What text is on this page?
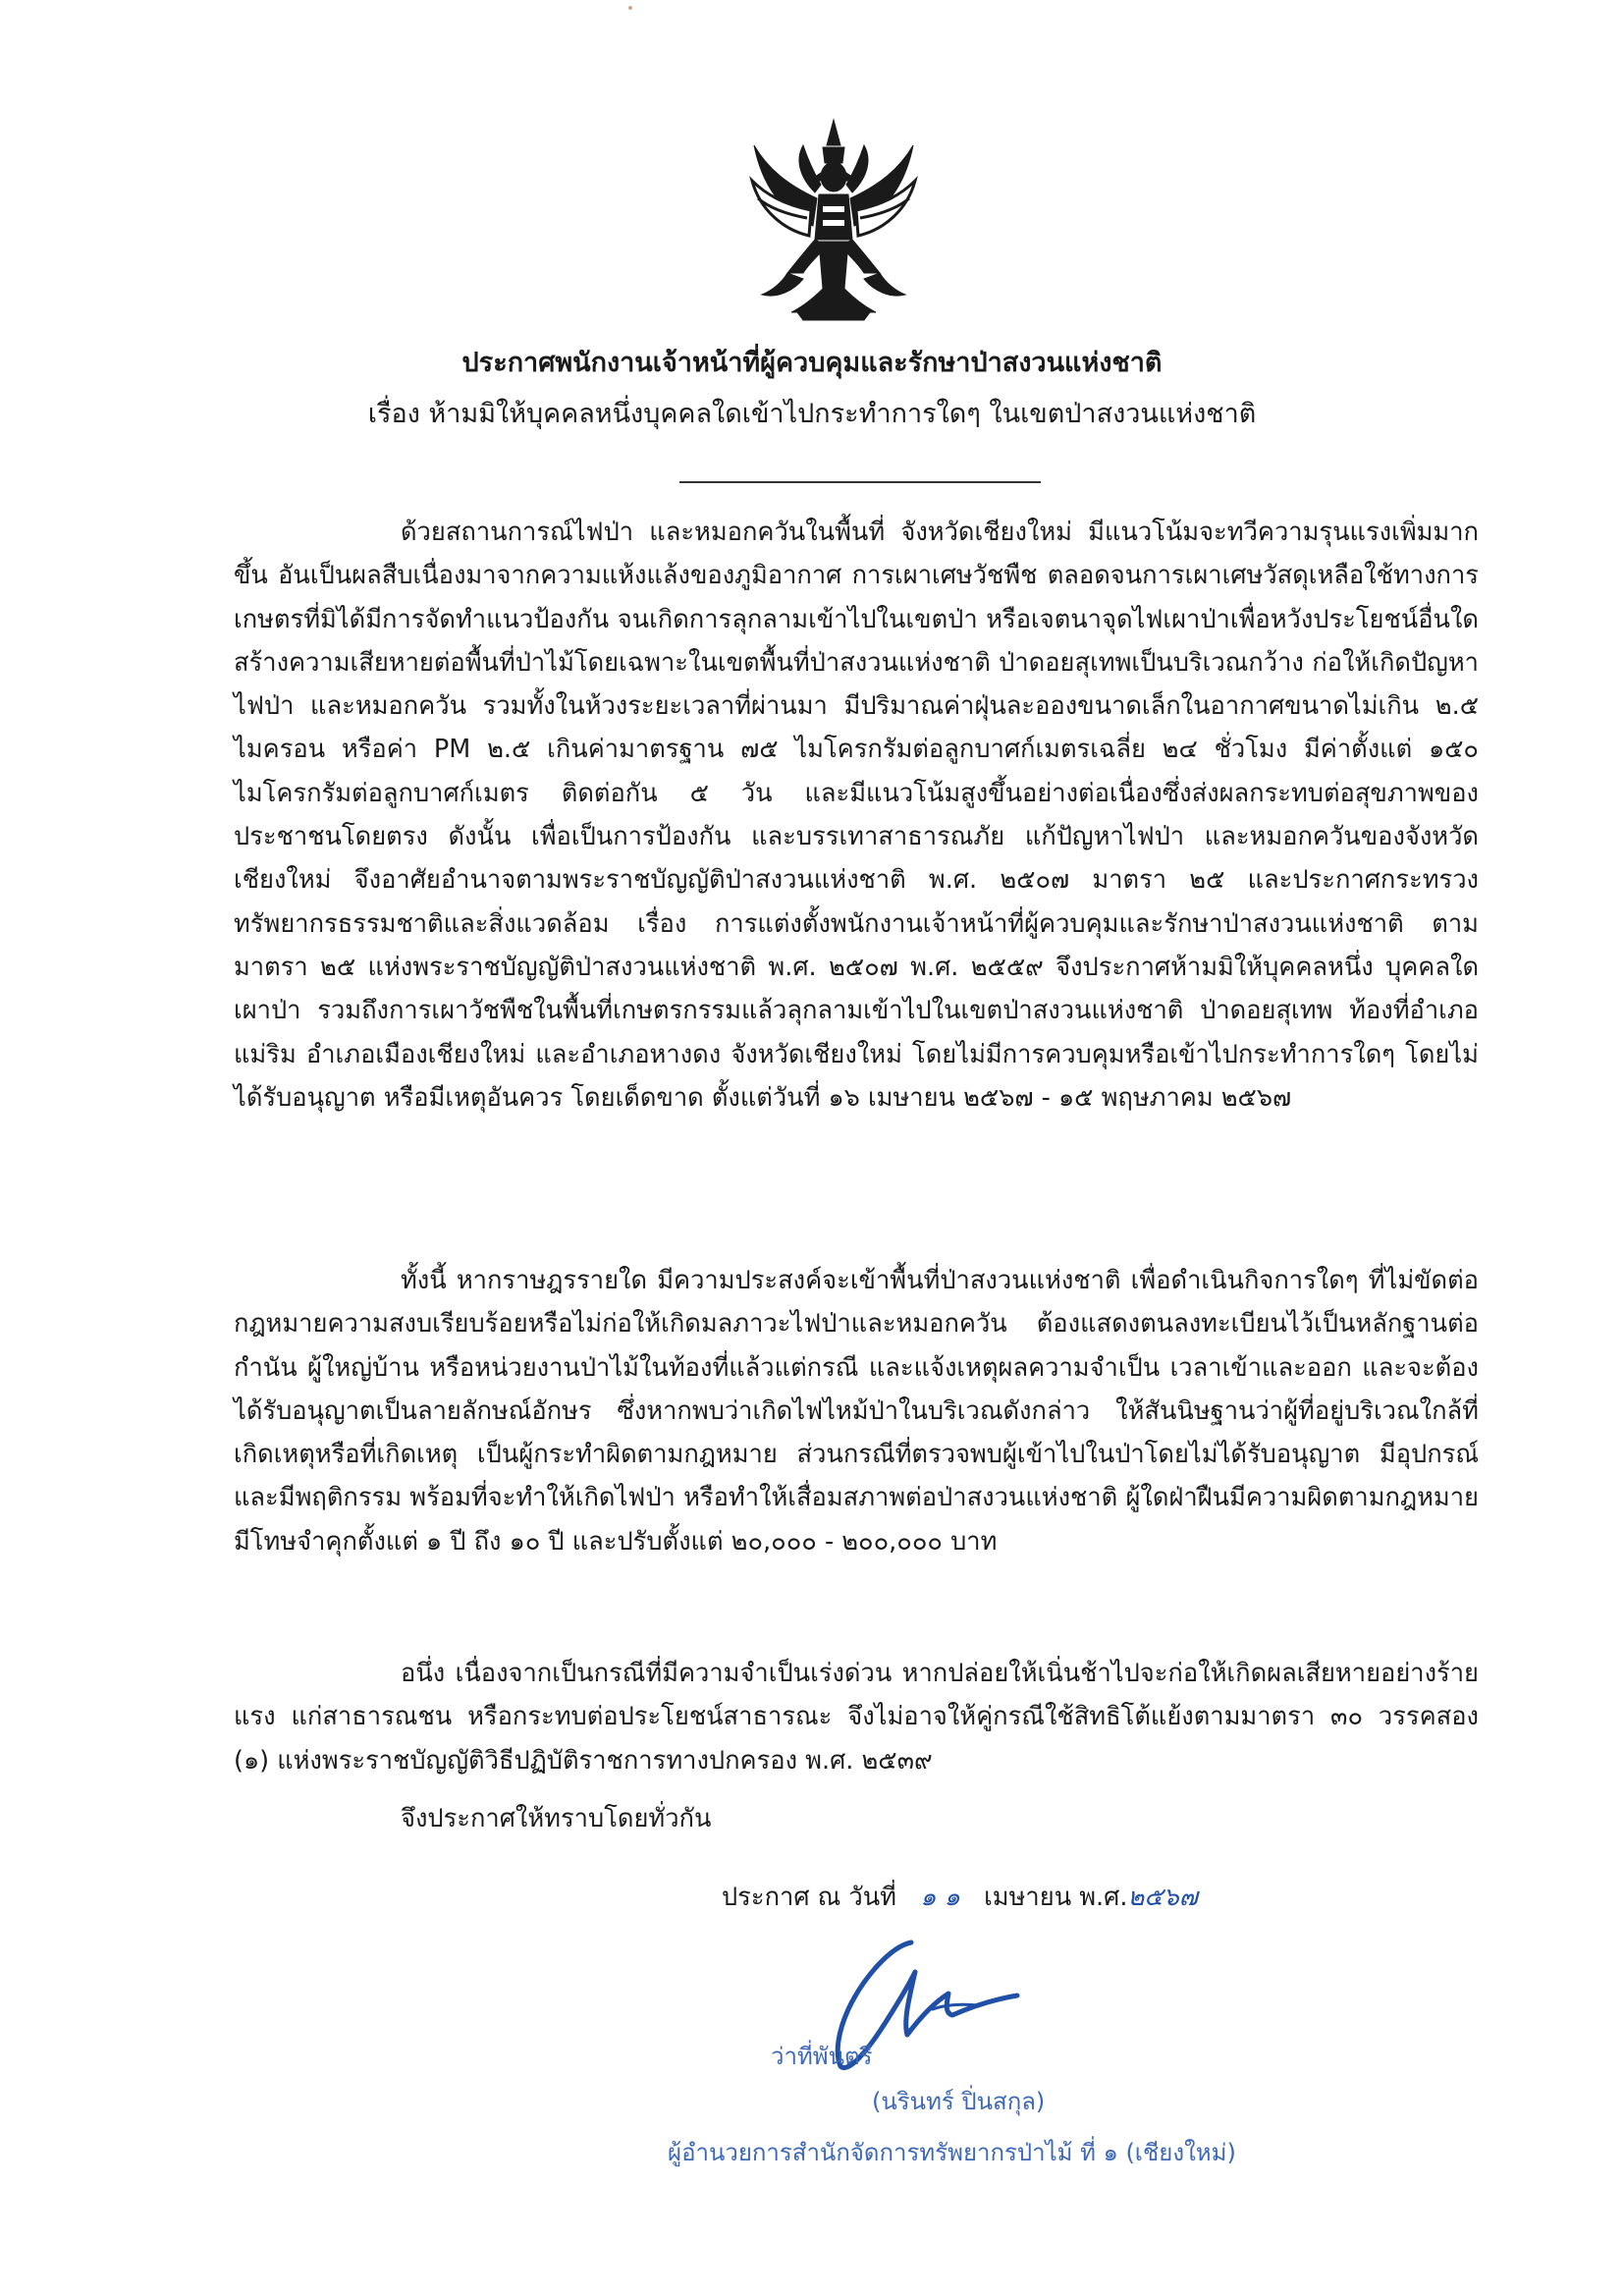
ประกาศพนักงานเจ้าหน้าที่ผู้ควบคุมและรักษาป่าสงวนแห่งชาติ
เรื่อง ห้ามมิให้บุคคลหนึ่งบุคคลใดเข้าไปกระทำการใดๆ ในเขตป่าสงวนแห่งชาติ

ด้วยสถานการณ์ไฟป่า และหมอกควันในพื้นที่ จังหวัดเชียงใหม่ มีแนวโน้มจะทวีความรุนแรงเพิ่มมากขึ้น อันเป็นผลสืบเนื่องมาจากความแห้งแล้งของภูมิอากาศ การเผาเศษวัชพืช ตลอดจนการเผาเศษวัสดุเหลือใช้ทางการเกษตรที่มิได้มีการจัดทำแนวป้องกัน จนเกิดการลุกลามเข้าไปในเขตป่า หรือเจตนาจุดไฟเผาป่าเพื่อหวังประโยชน์อื่นใด สร้างความเสียหายต่อพื้นที่ป่าไม้โดยเฉพาะในเขตพื้นที่ป่าสงวนแห่งชาติ ป่าดอยสุเทพเป็นบริเวณกว้าง ก่อให้เกิดปัญหาไฟป่า และหมอกควัน รวมทั้งในห้วงระยะเวลาที่ผ่านมา มีปริมาณค่าฝุ่นละอองขนาดเล็กในอากาศขนาดไม่เกิน ๒.๕ ไมครอน หรือค่า PM ๒.๕ เกินค่ามาตรฐาน ๗๕ ไมโครกรัมต่อลูกบาศก์เมตรเฉลี่ย ๒๔ ชั่วโมง มีค่าตั้งแต่ ๑๕๐ ไมโครกรัมต่อลูกบาศก์เมตร ติดต่อกัน ๕ วัน และมีแนวโน้มสูงขึ้นอย่างต่อเนื่องซึ่งส่งผลกระทบต่อสุขภาพของประชาชนโดยตรง ดังนั้น เพื่อเป็นการป้องกัน และบรรเทาสาธารณภัย แก้ปัญหาไฟป่า และหมอกควันของจังหวัดเชียงใหม่ จึงอาศัยอำนาจตามพระราชบัญญัติป่าสงวนแห่งชาติ พ.ศ. ๒๕๐๗ มาตรา ๒๕ และประกาศกระทรวงทรัพยากรธรรมชาติและสิ่งแวดล้อม เรื่อง การแต่งตั้งพนักงานเจ้าหน้าที่ผู้ควบคุมและรักษาป่าสงวนแห่งชาติ ตามมาตรา ๒๕ แห่งพระราชบัญญัติป่าสงวนแห่งชาติ พ.ศ. ๒๕๐๗ พ.ศ. ๒๕๕๙ จึงประกาศห้ามมิให้บุคคลหนึ่ง บุคคลใดเผาป่า รวมถึงการเผาวัชพืชในพื้นที่เกษตรกรรมแล้วลุกลามเข้าไปในเขตป่าสงวนแห่งชาติ ป่าดอยสุเทพ ท้องที่อำเภอแม่ริม อำเภอเมืองเชียงใหม่ และอำเภอหางดง จังหวัดเชียงใหม่ โดยไม่มีการควบคุมหรือเข้าไปกระทำการใดๆ โดยไม่ได้รับอนุญาต หรือมีเหตุอันควร โดยเด็ดขาด ตั้งแต่วันที่ ๑๖ เมษายน ๒๕๖๗ - ๑๕ พฤษภาคม ๒๕๖๗

ทั้งนี้ หากราษฎรรายใด มีความประสงค์จะเข้าพื้นที่ป่าสงวนแห่งชาติ เพื่อดำเนินกิจการใดๆ ที่ไม่ขัดต่อกฎหมายความสงบเรียบร้อยหรือไม่ก่อให้เกิดมลภาวะไฟป่าและหมอกควัน ต้องแสดงตนลงทะเบียนไว้เป็นหลักฐานต่อกำนัน ผู้ใหญ่บ้าน หรือหน่วยงานป่าไม้ในท้องที่แล้วแต่กรณี และแจ้งเหตุผลความจำเป็น เวลาเข้าและออก และจะต้องได้รับอนุญาตเป็นลายลักษณ์อักษร ซึ่งหากพบว่าเกิดไฟไหม้ป่าในบริเวณดังกล่าว ให้สันนิษฐานว่าผู้ที่อยู่บริเวณใกล้ที่เกิดเหตุหรือที่เกิดเหตุ เป็นผู้กระทำผิดตามกฎหมาย ส่วนกรณีที่ตรวจพบผู้เข้าไปในป่าโดยไม่ได้รับอนุญาต มีอุปกรณ์ และมีพฤติกรรม พร้อมที่จะทำให้เกิดไฟป่า หรือทำให้เสื่อมสภาพต่อป่าสงวนแห่งชาติ ผู้ใดฝ่าฝืนมีความผิดตามกฎหมาย มีโทษจำคุกตั้งแต่ ๑ ปี ถึง ๑๐ ปี และปรับตั้งแต่ ๒๐,๐๐๐ - ๒๐๐,๐๐๐ บาท

อนึ่ง เนื่องจากเป็นกรณีที่มีความจำเป็นเร่งด่วน หากปล่อยให้เนิ่นช้าไปจะก่อให้เกิดผลเสียหายอย่างร้ายแรง แก่สาธารณชน หรือกระทบต่อประโยชน์สาธารณะ จึงไม่อาจให้คู่กรณีใช้สิทธิโต้แย้งตามมาตรา ๓๐ วรรคสอง (๑) แห่งพระราชบัญญัติวิธีปฏิบัติราชการทางปกครอง พ.ศ. ๒๕๓๙

จึงประกาศให้ทราบโดยทั่วกัน

ประกาศ ณ วันที่ ๑ ๑ เมษายน พ.ศ.๒๕๖๗
ว่าที่พันตรี
(นรินทร์ ปิ่นสกุล)
ผู้อำนวยการสำนักจัดการทรัพยากรป่าไม้ ที่ ๑ (เชียงใหม่)
